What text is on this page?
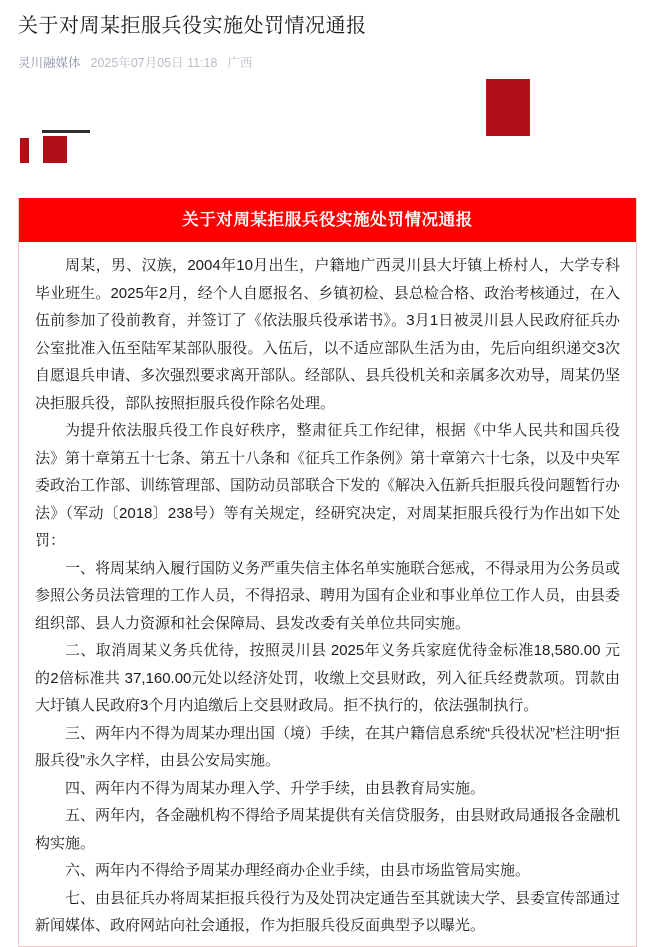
关于对周某拒服兵役实施处罚情况通报
灵川融媒体 2025年07月05日 11:18 广西
关于对周某拒服兵役实施处罚情况通报

周某，男、汉族，2004年10月出生，户籍地广西灵川县大圩镇上桥村人，大学专科毕业班生。2025年2月，经个人自愿报名、乡镇初检、县总检合格、政治考核通过，在入伍前参加了役前教育，并签订了《依法服兵役承诺书》。3月1日被灵川县人民政府征兵办公室批准入伍至陆军某部队服役。入伍后，以不适应部队生活为由，先后向组织递交3次自愿退兵申请、多次强烈要求离开部队。经部队、县兵役机关和亲属多次劝导，周某仍坚决拒服兵役，部队按照拒服兵役作除名处理。

为提升依法服兵役工作良好秩序，整肃征兵工作纪律，根据《中华人民共和国兵役法》第十章第五十七条、第五十八条和《征兵工作条例》第十章第六十七条，以及中央军委政治工作部、训练管理部、国防动员部联合下发的《解决入伍新兵拒服兵役问题暂行办法》（军动〔2018〕238号）等有关规定，经研究决定，对周某拒服兵役行为作出如下处罚：

一、将周某纳入履行国防义务严重失信主体名单实施联合惩戒，不得录用为公务员或参照公务员法管理的工作人员，不得招录、聘用为国有企业和事业单位工作人员，由县委组织部、县人力资源和社会保障局、县发改委有关单位共同实施。

二、取消周某义务兵优待，按照灵川县 2025年义务兵家庭优待金标准18,580.00 元的2倍标准共 37,160.00元处以经济处罚，收缴上交县财政，列入征兵经费款项。罚款由大圩镇人民政府3个月内追缴后上交县财政局。拒不执行的，依法强制执行。

三、两年内不得为周某办理出国（境）手续，在其户籍信息系统“兵役状况”栏注明“拒服兵役”永久字样，由县公安局实施。

四、两年内不得为周某办理入学、升学手续，由县教育局实施。

五、两年内，各金融机构不得给予周某提供有关信贷服务，由县财政局通报各金融机构实施。

六、两年内不得给予周某办理经商办企业手续，由县市场监管局实施。

七、由县征兵办将周某拒报兵役行为及处罚决定通告至其就读大学、县委宣传部通过新闻媒体、政府网站向社会通报，作为拒服兵役反面典型予以曝光。
